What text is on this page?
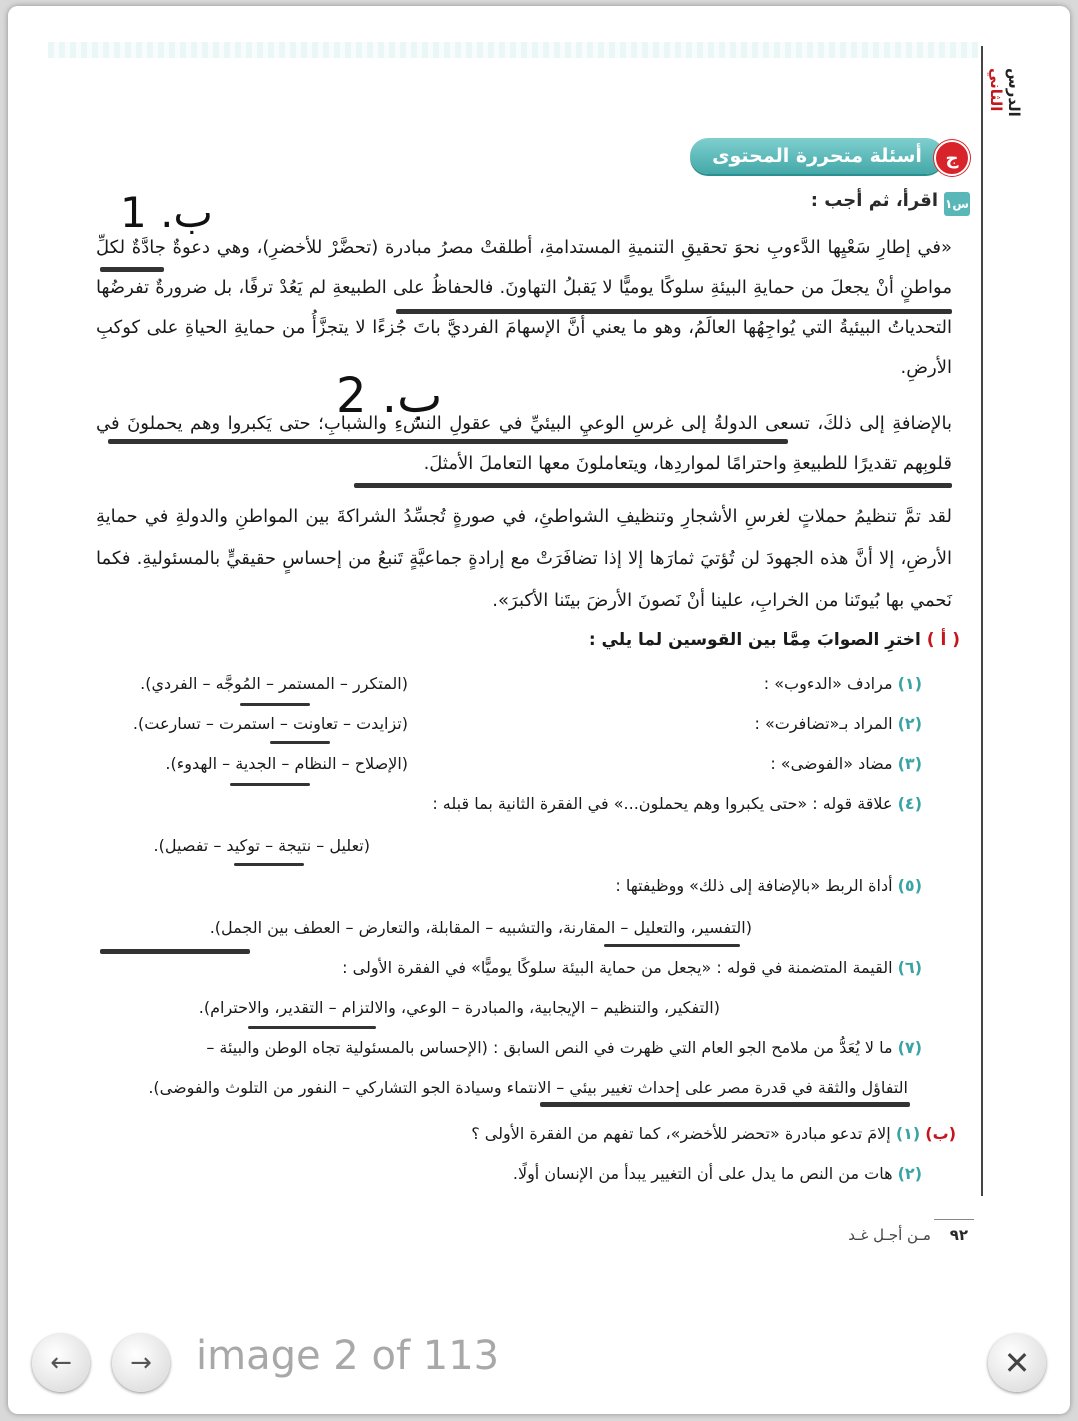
الدرس الثاني
أسئلة متحررة المحتوى	ج
س١
اقرأ، ثم أجب :
ب. 1
ب. 2
«في إطارِ سَعْيِها الدَّءوبِ نحوَ تحقيقِ التنميةِ المستدامةِ، أطلقتْ مصرُ مبادرة (تحضَّرْ للأخضرِ)، وهي دعوةٌ جادَّةٌ لكلِّ مواطنٍ أنْ يجعلَ من حمايةِ البيئةِ سلوكًا يوميًّا لا يَقبلُ التهاونَ. فالحفاظُ على الطبيعةِ لم يَعُدْ ترفًا، بل ضرورةٌ تفرضُها التحدياتُ البيئيةُ التي يُواجِهُها العالَمُ، وهو ما يعني أنَّ الإسهامَ الفرديَّ باتَ جُزءًا لا يتجزَّأُ من حمايةِ الحياةِ على كوكبِ الأرضِ.
بالإضافةِ إلى ذلكَ، تسعى الدولةُ إلى غرسِ الوعيِ البيئيِّ في عقولِ النشءِ والشبابِ؛ حتى يَكبروا وهم يحملونَ في قلوبِهم تقديرًا للطبيعةِ واحترامًا لمواردِها، ويتعاملونَ معها التعاملَ الأمثلَ.
لقد تمَّ تنظيمُ حملاتٍ لغرسِ الأشجارِ وتنظيفِ الشواطئِ، في صورةٍ تُجسِّدُ الشراكةَ بين المواطنِ والدولةِ في حمايةِ الأرضِ، إلا أنَّ هذه الجهودَ لن تُؤتيَ ثمارَها إلا إذا تضافَرَتْ مع إرادةٍ جماعيَّةٍ تَنبعُ من إحساسٍ حقيقيٍّ بالمسئوليةِ. فكما نَحمي بها بُيوتَنا من الخرابِ، علينا أنْ نَصونَ الأرضَ بيتَنا الأكبرَ».
( أ ) اخترِ الصوابَ مِمَّا بين القوسين لما يلي :
(١) مرادف «الدءوب» :
(المتكرر – المستمر – المُوجَّه – الفردي).
(٢) المراد بـ«تضافرت» :
(تزايدت – تعاونت – استمرت – تسارعت).
(٣) مضاد «الفوضى» :
(الإصلاح – النظام – الجدية – الهدوء).
(٤) علاقة قوله : «حتى يكبروا وهم يحملون...» في الفقرة الثانية بما قبله :
(تعليل – نتيجة – توكيد – تفصيل).
(٥) أداة الربط «بالإضافة إلى ذلك» ووظيفتها :
(التفسير، والتعليل – المقارنة، والتشبيه – المقابلة، والتعارض – العطف بين الجمل).
(٦) القيمة المتضمنة في قوله : «يجعل من حماية البيئة سلوكًا يوميًّا» في الفقرة الأولى :
(التفكير، والتنظيم – الإيجابية، والمبادرة – الوعي، والالتزام – التقدير، والاحترام).
(٧) ما لا يُعَدُّ من ملامح الجو العام التي ظهرت في النص السابق : (الإحساس بالمسئولية تجاه الوطن والبيئة –
التفاؤل والثقة في قدرة مصر على إحداث تغيير بيئي – الانتماء وسيادة الجو التشاركي – النفور من التلوث والفوضى).
(ب) (١) إلامَ تدعو مبادرة «تحضر للأخضر»، كما تفهم من الفقرة الأولى ؟
(٢) هات من النص ما يدل على أن التغيير يبدأ من الإنسان أولًا.
٩٢ مـن أجـل غـد
← → image 2 of 113	✕
